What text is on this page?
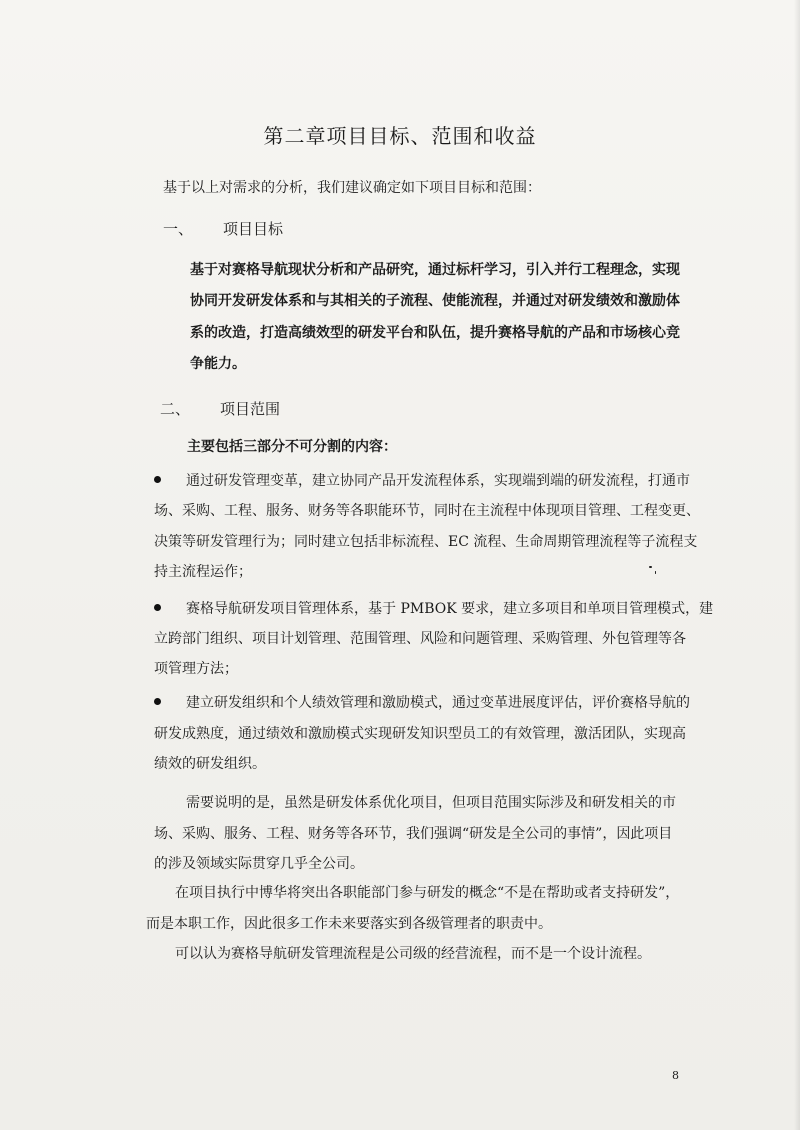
第二章项目目标、范围和收益
基于以上对需求的分析，我们建议确定如下项目目标和范围：
一、 项目目标
基于对赛格导航现状分析和产品研究，通过标杆学习，引入并行工程理念，实现
协同开发研发体系和与其相关的子流程、使能流程，并通过对研发绩效和激励体
系的改造，打造高绩效型的研发平台和队伍，提升赛格导航的产品和市场核心竞
争能力。
二、 项目范围
主要包括三部分不可分割的内容：
通过研发管理变革，建立协同产品开发流程体系，实现端到端的研发流程，打通市
场、采购、工程、服务、财务等各职能环节，同时在主流程中体现项目管理、工程变更、
决策等研发管理行为；同时建立包括非标流程、EC 流程、生命周期管理流程等子流程支
持主流程运作；
赛格导航研发项目管理体系，基于 PMBOK 要求，建立多项目和单项目管理模式，建
立跨部门组织、项目计划管理、范围管理、风险和问题管理、采购管理、外包管理等各
项管理方法；
建立研发组织和个人绩效管理和激励模式，通过变革进展度评估，评价赛格导航的
研发成熟度，通过绩效和激励模式实现研发知识型员工的有效管理，激活团队，实现高
绩效的研发组织。
需要说明的是，虽然是研发体系优化项目，但项目范围实际涉及和研发相关的市
场、采购、服务、工程、财务等各环节，我们强调“研发是全公司的事情”，因此项目
的涉及领域实际贯穿几乎全公司。
在项目执行中博华将突出各职能部门参与研发的概念“不是在帮助或者支持研发”，
而是本职工作，因此很多工作未来要落实到各级管理者的职责中。
可以认为赛格导航研发管理流程是公司级的经营流程，而不是一个设计流程。
8
